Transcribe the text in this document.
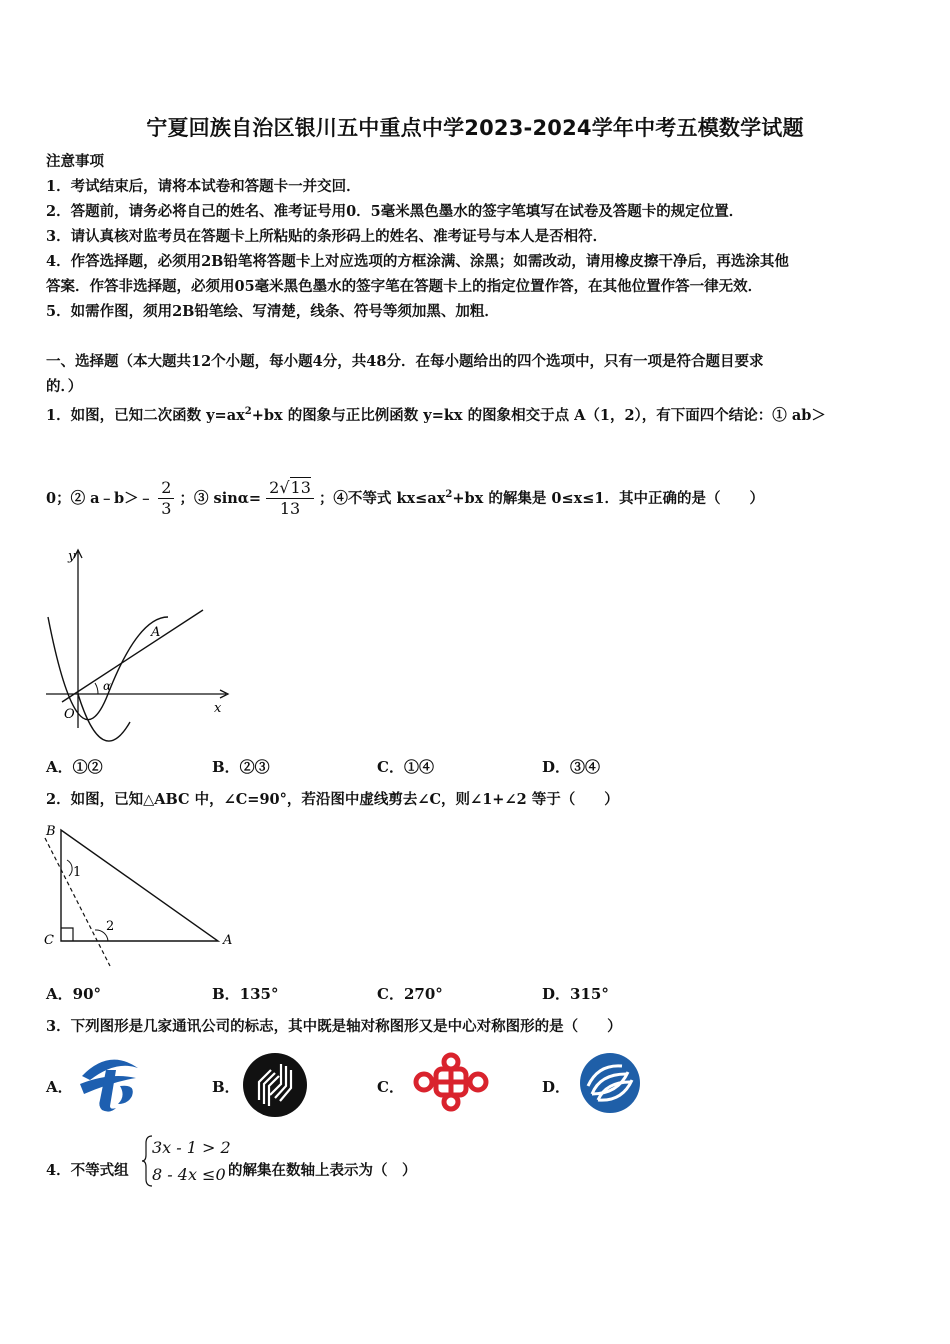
宁夏回族自治区银川五中重点中学2023-2024学年中考五模数学试题
注意事项
1．考试结束后，请将本试卷和答题卡一并交回．
2．答题前，请务必将自己的姓名、准考证号用0．5毫米黑色墨水的签字笔填写在试卷及答题卡的规定位置．
3．请认真核对监考员在答题卡上所粘贴的条形码上的姓名、准考证号与本人是否相符．
4．作答选择题，必须用2B铅笔将答题卡上对应选项的方框涂满、涂黑；如需改动，请用橡皮擦干净后，再选涂其他
答案．作答非选择题，必须用05毫米黑色墨水的签字笔在答题卡上的指定位置作答，在其他位置作答一律无效．
5．如需作图，须用2B铅笔绘、写清楚，线条、符号等须加黑、加粗．
一、选择题（本大题共12个小题，每小题4分，共48分．在每小题给出的四个选项中，只有一项是符合题目要求
的．）
1．如图，已知二次函数 $y=ax^2+bx$ 的图象与正比例函数 y=kx 的图象相交于点 A（1，2），有下面四个结论：① ab＞
0；② a﹣b＞﹣ $\frac{2}{3}$ ；③ $\sin\alpha= \frac{2√13}{13}$ ；④不等式 $kx\le ax^2+bx$ 的解集是 0≤x≤1．其中正确的是（　　）
y
x
O
A
α
A．①②	B．②③	C．①④	D．③④
2．如图，已知△ABC 中，∠C=90°，若沿图中虚线剪去∠C，则∠1+∠2 等于（　　）
B
C	A
1
2
A．90°	B．135°	C．270°	D．315°
3．下列图形是几家通讯公司的标志，其中既是轴对称图形又是中心对称图形的是（　　）
A．	B．	C．	D．
4．不等式组
3x - 1 > 2
8 - 4x ≤0 的解集在数轴上表示为（　）
